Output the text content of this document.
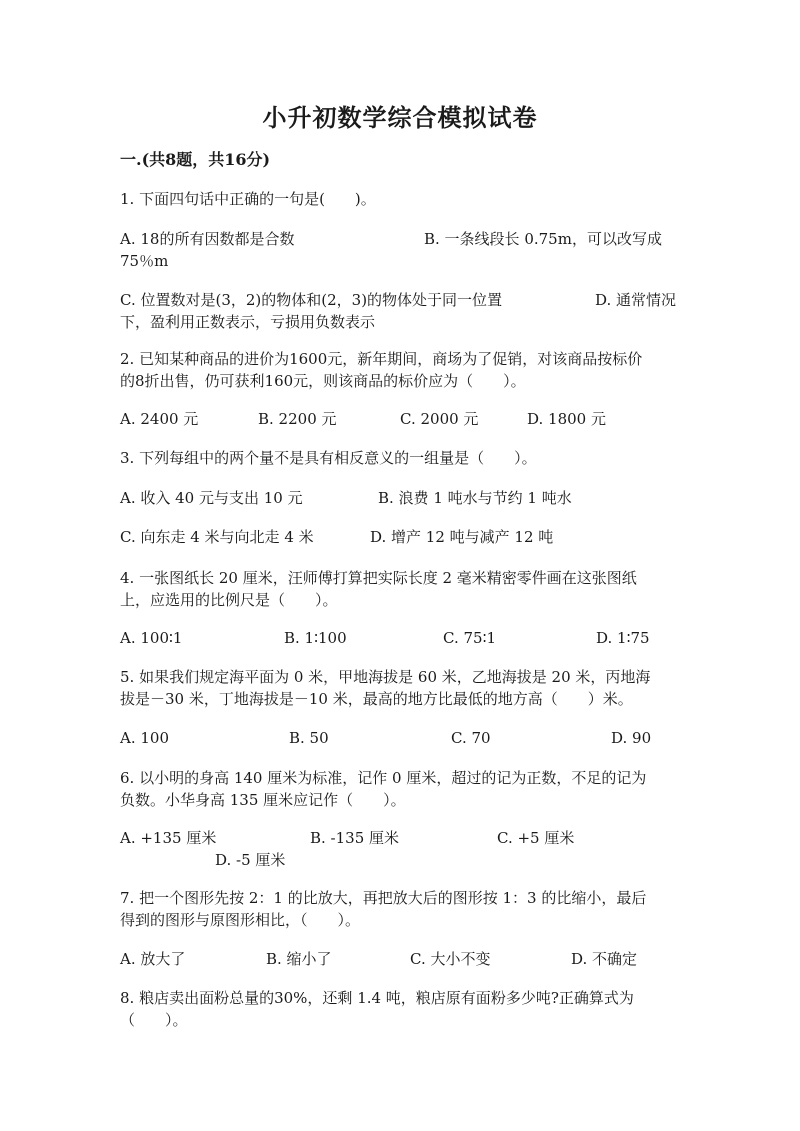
小升初数学综合模拟试卷
一.(共8题，共16分)
1. 下面四句话中正确的一句是(　　)。
A. 18的所有因数都是合数	B. 一条线段长 0.75m，可以改写成
75％m
C. 位置数对是(3，2)的物体和(2，3)的物体处于同一位置	D. 通常情况
下，盈利用正数表示，亏损用负数表示
2. 已知某种商品的进价为1600元，新年期间，商场为了促销，对该商品按标价
的8折出售，仍可获利160元，则该商品的标价应为（　　）。
A. 2400 元	B. 2200 元	C. 2000 元	D. 1800 元
3. 下列每组中的两个量不是具有相反意义的一组量是（　　）。
A. 收入 40 元与支出 10 元	B. 浪费 1 吨水与节约 1 吨水
C. 向东走 4 米与向北走 4 米	D. 增产 12 吨与减产 12 吨
4. 一张图纸长 20 厘米，汪师傅打算把实际长度 2 毫米精密零件画在这张图纸
上，应选用的比例尺是（　　）。
A. 100∶1	B. 1∶100	C. 75∶1	D. 1∶75
5. 如果我们规定海平面为 0 米，甲地海拔是 60 米，乙地海拔是 20 米，丙地海
拔是－30 米，丁地海拔是－10 米，最高的地方比最低的地方高（　　）米。
A. 100	B. 50	C. 70	D. 90
6. 以小明的身高 140 厘米为标准，记作 0 厘米，超过的记为正数，不足的记为
负数。小华身高 135 厘米应记作（　　）。
A. +135 厘米	B. -135 厘米	C. +5 厘米
D. -5 厘米
7. 把一个图形先按 2：1 的比放大，再把放大后的图形按 1：3 的比缩小，最后
得到的图形与原图形相比，（　　）。
A. 放大了	B. 缩小了	C. 大小不变	D. 不确定
8. 粮店卖出面粉总量的30%，还剩 1.4 吨，粮店原有面粉多少吨?正确算式为
（　　）。
